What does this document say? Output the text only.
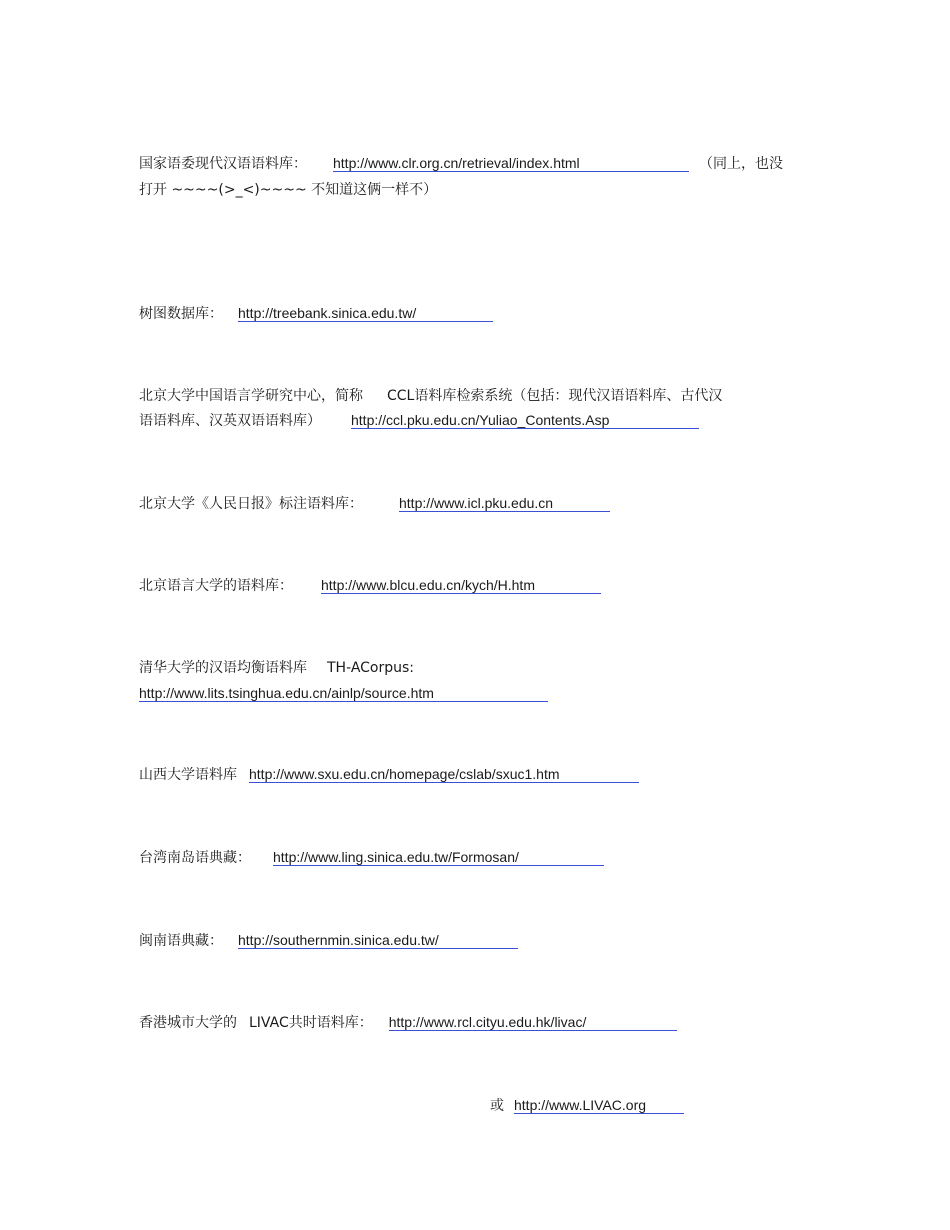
国家语委现代汉语语料库： http://www.clr.org.cn/retrieval/index.html	（同上，也没
打开 ~~~~(>_<)~~~~ 不知道这俩一样不）
树图数据库： http://treebank.sinica.edu.tw/
北京大学中国语言学研究中心，简称 CCL语料库检索系统（包括：现代汉语语料库、古代汉
语语料库、汉英双语语料库） http://ccl.pku.edu.cn/Yuliao_Contents.Asp
北京大学《人民日报》标注语料库：	http://www.icl.pku.edu.cn
北京语言大学的语料库： http://www.blcu.edu.cn/kych/H.htm
清华大学的汉语均衡语料库 TH-ACorpus:
http://www.lits.tsinghua.edu.cn/ainlp/source.htm
山西大学语料库 http://www.sxu.edu.cn/homepage/cslab/sxuc1.htm
台湾南岛语典藏： http://www.ling.sinica.edu.tw/Formosan/
闽南语典藏： http://southernmin.sinica.edu.tw/
香港城市大学的 LIVAC共时语料库： http://www.rcl.cityu.edu.hk/livac/
或 http://www.LIVAC.org
